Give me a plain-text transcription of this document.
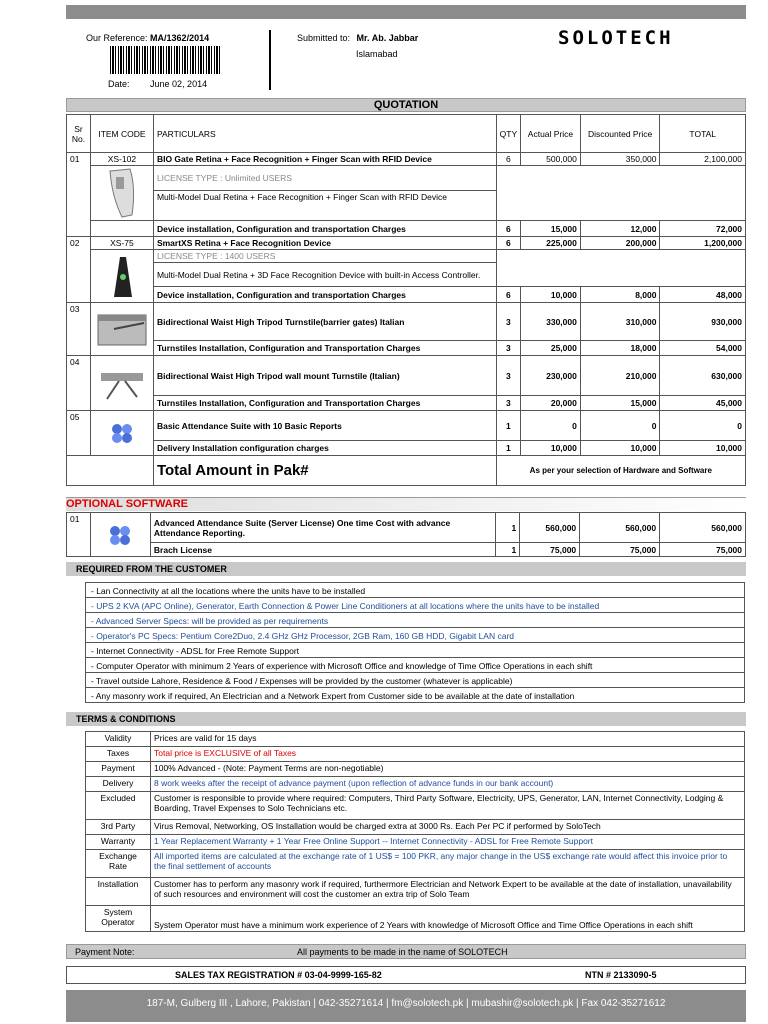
Our Reference: MA/1362/2014
Date: June 02, 2014
Submitted to: Mr. Ab. Jabbar
Islamabad
SOLOTECH
QUOTATION
Sr No.	ITEM CODE	PARTICULARS	QTY	Actual Price	Discounted Price	TOTAL
01	XS-102	BIO Gate Retina + Face Recognition + Finger Scan with RFID Device	6	500,000	350,000	2,100,000

	LICENSE TYPE : Unlimited USERS				
		Multi-Model Dual Retina + Face Recognition + Finger Scan with RFID Device				
		Device installation, Configuration and transportation Charges	6	15,000	12,000	72,000
02	XS-75	SmartXS Retina + Face Recognition Device	6	225,000	200,000	1,200,000

	LICENSE TYPE : 1400 USERS				
		Multi-Model Dual Retina + 3D Face Recognition Device with built-in Access Controller.				
		Device installation, Configuration and transportation Charges	6	10,000	8,000	48,000
03		Bidirectional Waist High Tripod Turnstile(barrier gates) Italian	3	330,000	310,000	930,000
		Turnstiles Installation, Configuration and Transportation Charges	3	25,000	18,000	54,000
04		Bidirectional Waist High Tripod wall mount Turnstile (Italian)	3	230,000	210,000	630,000
		Turnstiles Installation, Configuration and Transportation Charges	3	20,000	15,000	45,000
05		Basic Attendance Suite with 10 Basic Reports	1	0	0	0
		Delivery Installation configuration charges	1	10,000	10,000	10,000
		Total Amount in Pak#	As per your selection of Hardware and Software			
OPTIONAL SOFTWARE
01		Advanced Attendance Suite (Server License) One time Cost with advance Attendance Reporting.	1	560,000	560,000	560,000
		Brach License	1	75,000	75,000	75,000
REQUIRED FROM THE CUSTOMER
- Lan Connectivity at all the locations where the units have to be installed
- UPS 2 KVA (APC Online), Generator, Earth Connection & Power Line Conditioners at all locations where the units have to be installed
- Advanced Server Specs: will be provided as per requirements
- Operator's PC Specs: Pentium Core2Duo, 2.4 GHz GHz Processor, 2GB Ram, 160 GB HDD, Gigabit LAN card
- Internet Connectivity - ADSL for Free Remote Support
- Computer Operator with minimum 2 Years of experience with Microsoft Office and knowledge of Time Office Operations in each shift
- Travel outside Lahore, Residence & Food / Expenses will be provided by the customer (whatever is applicable)
- Any masonry work if required, An Electrician and a Network Expert from Customer side to be available at the date of installation
TERMS & CONDITIONS
Validity	Prices are valid for 15 days
Taxes	Total price is EXCLUSIVE of all Taxes
Payment	100% Advanced - (Note: Payment Terms are non-negotiable)
Delivery	8 work weeks after the receipt of advance payment (upon reflection of advance funds in our bank account)
Excluded	Customer is responsible to provide where required: Computers, Third Party Software, Electricity, UPS, Generator, LAN, Internet Connectivity, Lodging & Boarding, Travel Expenses to Solo Technicians etc.
3rd Party	Virus Removal, Networking, OS Installation would be charged extra at 3000 Rs. Each Per PC if performed by SoloTech
Warranty	1 Year Replacement Warranty + 1 Year Free Online Support -- Internet Connectivity - ADSL for Free Remote Support
Exchange Rate	All imported items are calculated at the exchange rate of 1 US$ = 100 PKR, any major change in the US$ exchange rate would affect this invoice prior to the final settlement of accounts
Installation	Customer has to perform any masonry work if required, furthermore Electrician and Network Expert to be available at the date of installation, unavailability of such resources and environment will cost the customer an extra trip of Solo Team
System Operator	System Operator must have a minimum work experience of 2 Years with knowledge of Microsoft Office and Time Office Operations in each shift
Payment Note:	All payments to be made in the name of SOLOTECH
SALES TAX REGISTRATION # 03-04-9999-165-82	NTN # 2133090-5
187-M, Gulberg III , Lahore, Pakistan | 042-35271614 | fm@solotech.pk | mubashir@solotech.pk | Fax 042-35271612
